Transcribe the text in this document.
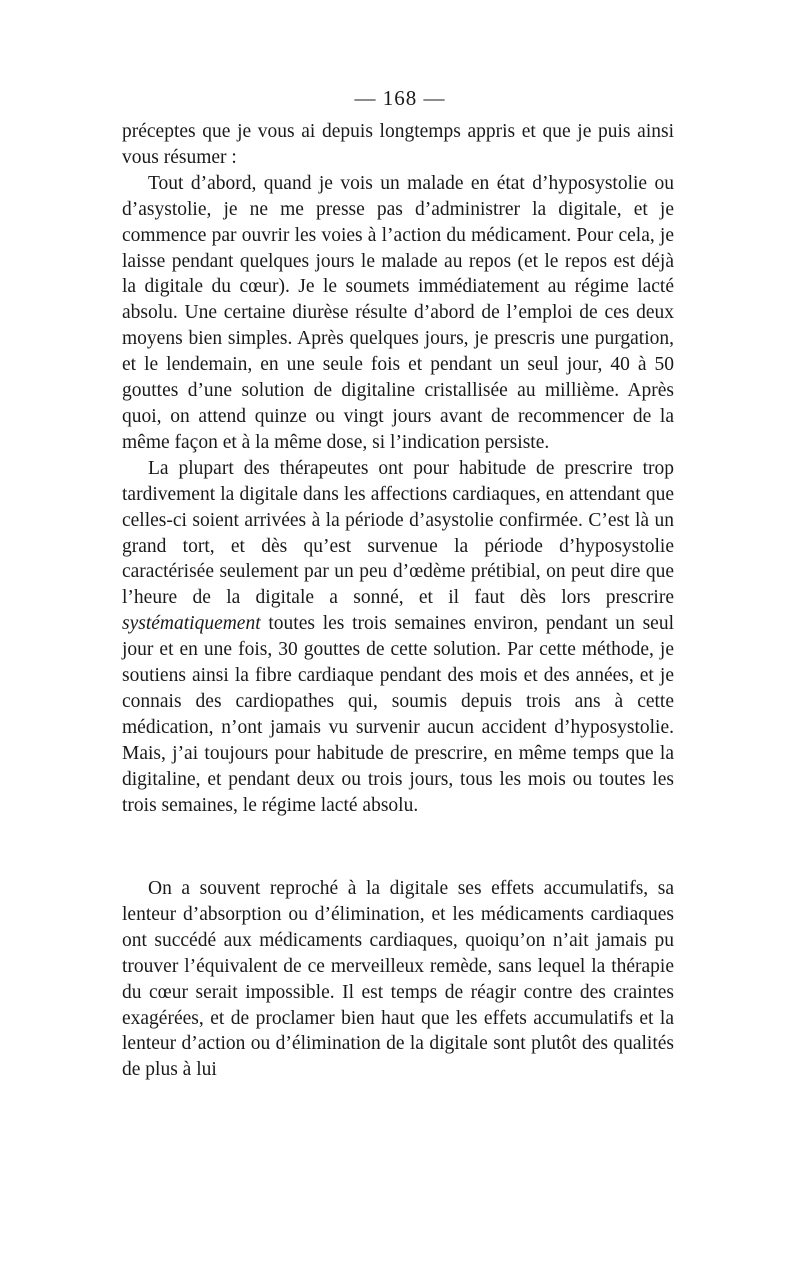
— 168 —

préceptes que je vous ai depuis longtemps appris et que je puis ainsi vous résumer :

Tout d’abord, quand je vois un malade en état d’hyposystolie ou d’asystolie, je ne me presse pas d’administrer la digitale, et je commence par ouvrir les voies à l’action du médicament. Pour cela, je laisse pendant quelques jours le malade au repos (et le repos est déjà la digitale du cœur). Je le soumets immédiatement au régime lacté absolu. Une certaine diurèse résulte d’abord de l’emploi de ces deux moyens bien simples. Après quelques jours, je prescris une purgation, et le lendemain, en une seule fois et pendant un seul jour, 40 à 50 gouttes d’une solution de digitaline cristallisée au millième. Après quoi, on attend quinze ou vingt jours avant de recommencer de la même façon et à la même dose, si l’indication persiste.

La plupart des thérapeutes ont pour habitude de prescrire trop tardivement la digitale dans les affections cardiaques, en attendant que celles-ci soient arrivées à la période d’asystolie confirmée. C’est là un grand tort, et dès qu’est survenue la période d’hyposystolie caractérisée seulement par un peu d’œdème prétibial, on peut dire que l’heure de la digitale a sonné, et il faut dès lors prescrire systématiquement toutes les trois semaines environ, pendant un seul jour et en une fois, 30 gouttes de cette solution. Par cette méthode, je soutiens ainsi la fibre cardiaque pendant des mois et des années, et je connais des cardiopathes qui, soumis depuis trois ans à cette médication, n’ont jamais vu survenir aucun accident d’hyposystolie. Mais, j’ai toujours pour habitude de prescrire, en même temps que la digitaline, et pendant deux ou trois jours, tous les mois ou toutes les trois semaines, le régime lacté absolu.

On a souvent reproché à la digitale ses effets accumulatifs, sa lenteur d’absorption ou d’élimination, et les médicaments cardiaques ont succédé aux médicaments cardiaques, quoiqu’on n’ait jamais pu trouver l’équivalent de ce merveilleux remède, sans lequel la thérapie du cœur serait impossible. Il est temps de réagir contre des craintes exagérées, et de proclamer bien haut que les effets accumulatifs et la lenteur d’action ou d’élimination de la digitale sont plutôt des qualités de plus à lui
